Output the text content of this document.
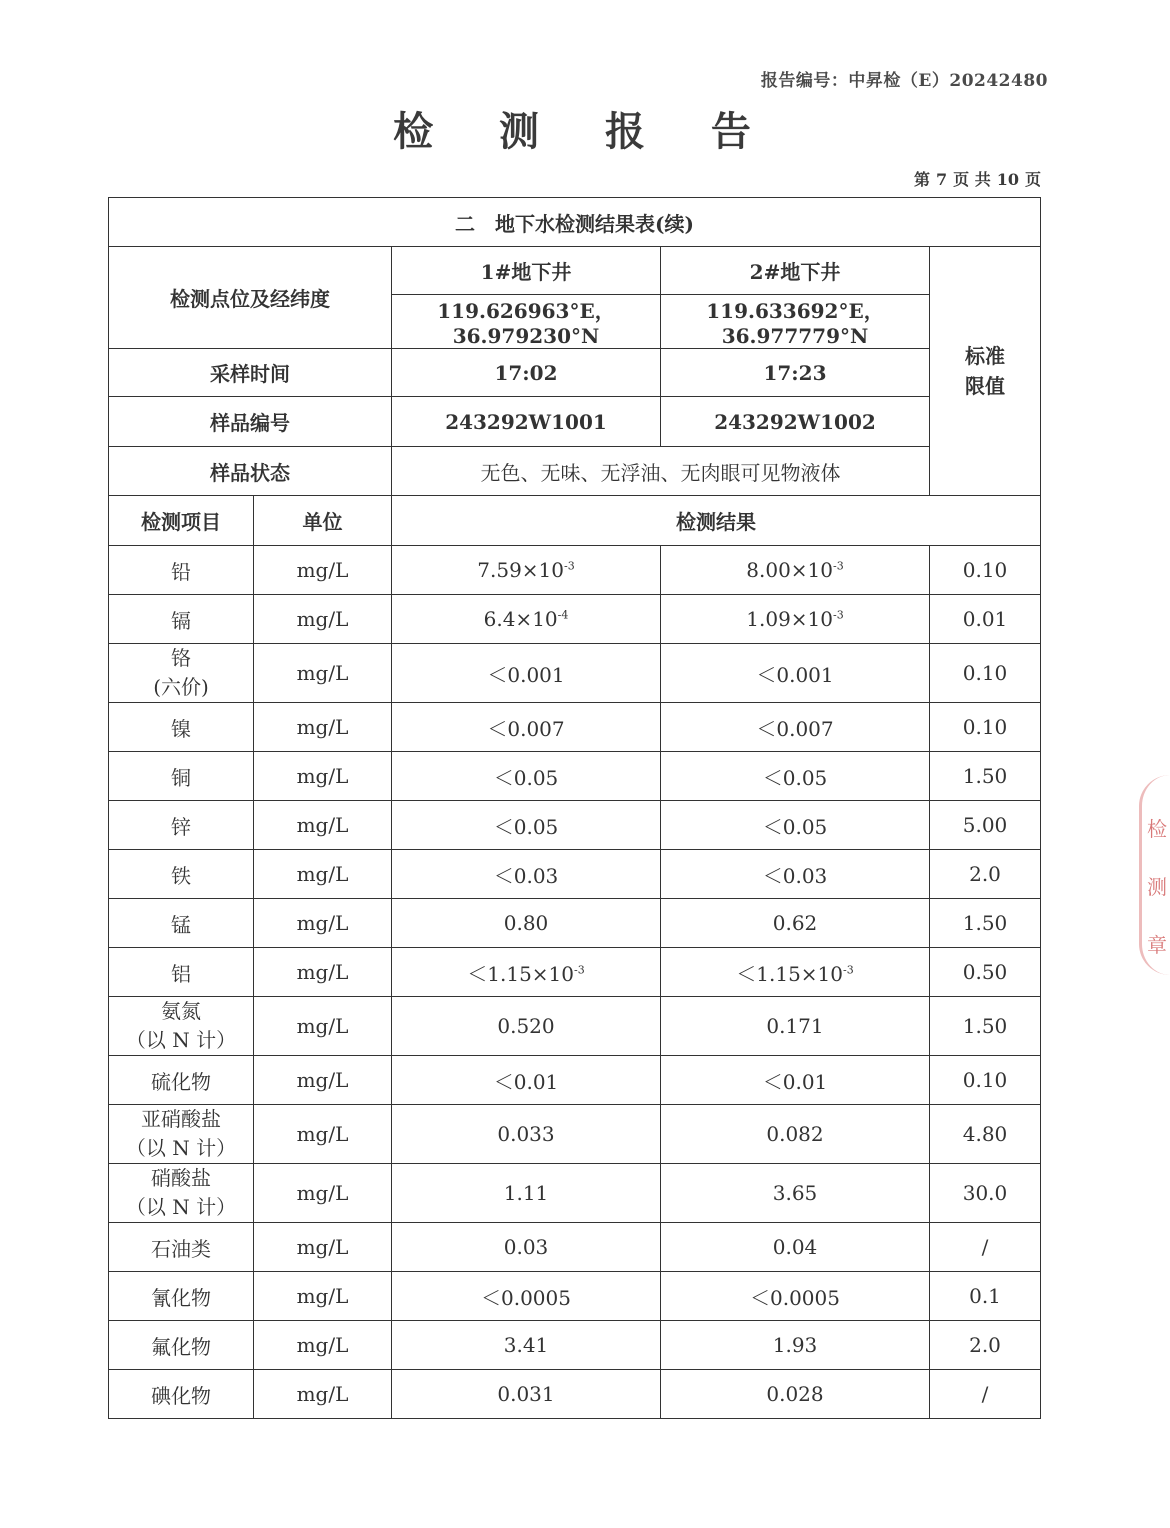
报告编号：中昇检（E）20242480
检 测 报 告
第 7 页 共 10 页
二　地下水检测结果表(续)				
检测点位及经纬度		1#地下井	2#地下井	标准
限值
		119.626963°E，36.979230°N	119.633692°E，36.977779°N	
采样时间		17:02	17:23	
样品编号		243292W1001	243292W1002	
样品状态		无色、无味、无浮油、无肉眼可见物液体		
检测项目	单位	检测结果		
铅	mg/L	$7.59\times 10^{-3}$	$8.00\times 10^{-3}$	0.10
镉	mg/L	$6.4\times 10^{-4}$	$1.09\times 10^{-3}$	0.01
铬
(六价)	mg/L	＜0.001	＜0.001	0.10
镍	mg/L	＜0.007	＜0.007	0.10
铜	mg/L	＜0.05	＜0.05	1.50
锌	mg/L	＜0.05	＜0.05	5.00
铁	mg/L	＜0.03	＜0.03	2.0
锰	mg/L	0.80	0.62	1.50
铝	mg/L	$<1.15\times 10^{-3}$	$<1.15\times 10^{-3}$	0.50
氨氮
（以 N 计）	mg/L	0.520	0.171	1.50
硫化物	mg/L	＜0.01	＜0.01	0.10
亚硝酸盐
（以 N 计）	mg/L	0.033	0.082	4.80
硝酸盐
（以 N 计）	mg/L	1.11	3.65	30.0
石油类	mg/L	0.03	0.04	/
氰化物	mg/L	＜0.0005	＜0.0005	0.1
氟化物	mg/L	3.41	1.93	2.0
碘化物	mg/L	0.031	0.028	/
检 测 章
